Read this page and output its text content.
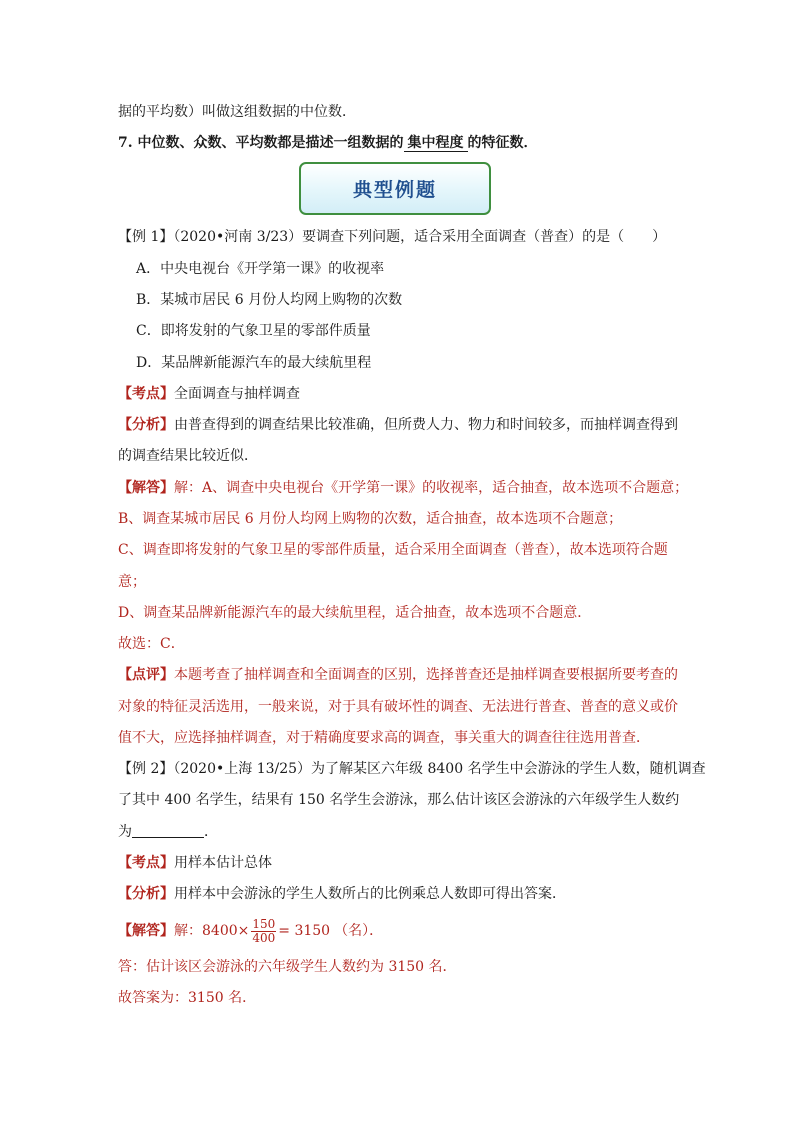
据的平均数）叫做这组数据的中位数．
7. 中位数、众数、平均数都是描述一组数据的 集中程度 的特征数．
典型例题
【例 1】（2020•河南 3/23）要调查下列问题，适合采用全面调查（普查）的是（　　）
A．中央电视台《开学第一课》的收视率
B．某城市居民 6 月份人均网上购物的次数
C．即将发射的气象卫星的零部件质量
D．某品牌新能源汽车的最大续航里程
【考点】全面调查与抽样调查
【分析】由普查得到的调查结果比较准确，但所费人力、物力和时间较多，而抽样调查得到
的调查结果比较近似．
【解答】解：A、调查中央电视台《开学第一课》的收视率，适合抽查，故本选项不合题意；
B、调查某城市居民 6 月份人均网上购物的次数，适合抽查，故本选项不合题意；
C、调查即将发射的气象卫星的零部件质量，适合采用全面调查（普查），故本选项符合题
意；
D、调查某品牌新能源汽车的最大续航里程，适合抽查，故本选项不合题意．
故选：C．
【点评】本题考查了抽样调查和全面调查的区别，选择普查还是抽样调查要根据所要考查的
对象的特征灵活选用，一般来说，对于具有破坏性的调查、无法进行普查、普查的意义或价
值不大，应选择抽样调查，对于精确度要求高的调查，事关重大的调查往往选用普查．
【例 2】（2020•上海 13/25）为了解某区六年级 8400 名学生中会游泳的学生人数，随机调查
了其中 400 名学生，结果有 150 名学生会游泳，那么估计该区会游泳的六年级学生人数约
为	．
【考点】用样本估计总体
【分析】用样本中会游泳的学生人数所占的比例乘总人数即可得出答案．
【解答】 解： $8400 \times \frac{150}{400} = 3150$ （名）．
答：估计该区会游泳的六年级学生人数约为 3150 名．
故答案为：3150 名．
